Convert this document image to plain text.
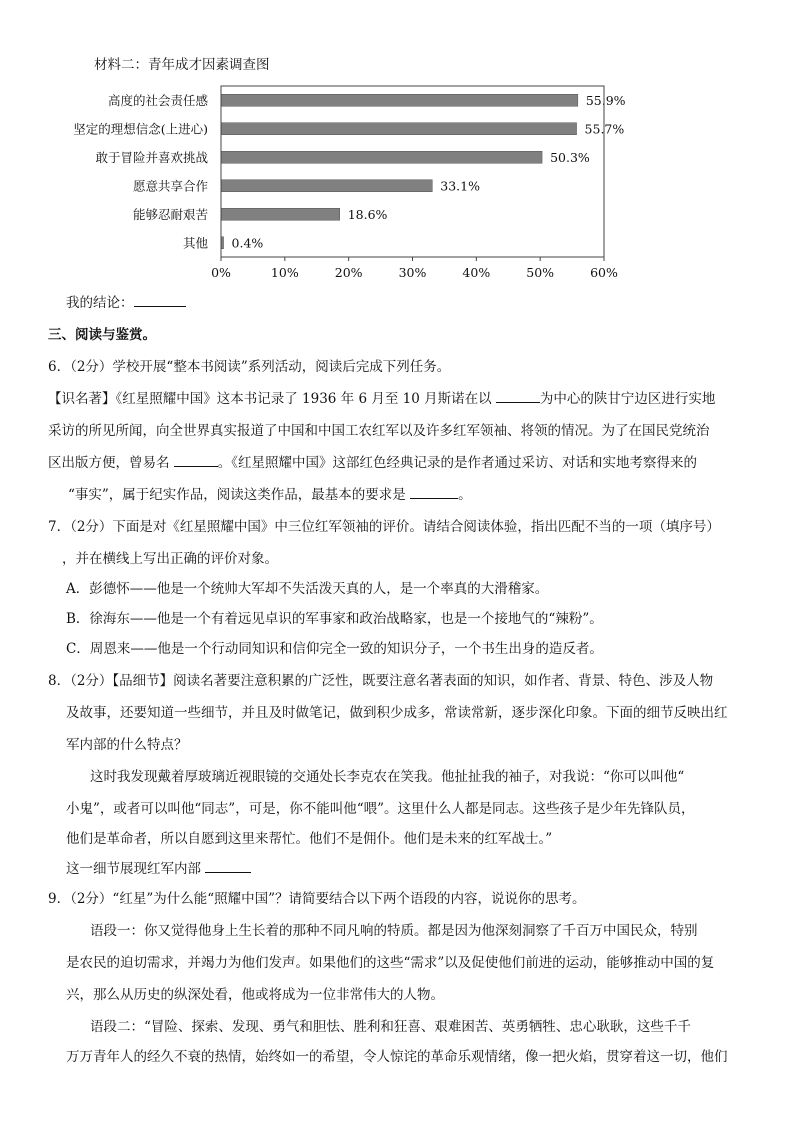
材料二：青年成才因素调查图
高度的社会责任感
坚定的理想信念(上进心)
敢于冒险并喜欢挑战
愿意共享合作
能够忍耐艰苦
其他
55.9%
55.7%
50.3%
33.1%
18.6%
0.4%
0%	10%	20%	30%	40%	50%	60%
我的结论：
三、阅读与鉴赏。
6．（2分）学校开展“整本书阅读”系列活动，阅读后完成下列任务。
【识名著】《红星照耀中国》这本书记录了 1936 年 6 月至 10 月斯诺在以	为中心的陕甘宁边区进行实地
采访的所见所闻，向全世界真实报道了中国和中国工农红军以及许多红军领袖、将领的情况。为了在国民党统治
区出版方便，曾易名	。《红星照耀中国》这部红色经典记录的是作者通过采访、对话和实地考察得来的
“事实”，属于纪实作品，阅读这类作品，最基本的要求是	。
7．（2分）下面是对《红星照耀中国》中三位红军领袖的评价。请结合阅读体验，指出匹配不当的一项（填序号）
，并在横线上写出正确的评价对象。
A．彭德怀——他是一个统帅大军却不失活泼天真的人，是一个率真的大滑稽家。
B．徐海东——他是一个有着远见卓识的军事家和政治战略家，也是一个接地气的“辣粉”。
C．周恩来——他是一个行动同知识和信仰完全一致的知识分子，一个书生出身的造反者。
8．（2分）【品细节】阅读名著要注意积累的广泛性，既要注意名著表面的知识，如作者、背景、特色、涉及人物
及故事，还要知道一些细节，并且及时做笔记，做到积少成多，常读常新，逐步深化印象。下面的细节反映出红
军内部的什么特点？
这时我发现戴着厚玻璃近视眼镜的交通处长李克农在笑我。他扯扯我的袖子，对我说：“你可以叫他“
小鬼”，或者可以叫他“同志”，可是，你不能叫他“喂”。这里什么人都是同志。这些孩子是少年先锋队员，
他们是革命者，所以自愿到这里来帮忙。他们不是佣仆。他们是未来的红军战士。”
这一细节展现红军内部
9．（2分）“红星”为什么能“照耀中国”？请简要结合以下两个语段的内容，说说你的思考。
语段一：你又觉得他身上生长着的那种不同凡响的特质。都是因为他深刻洞察了千百万中国民众，特别
是农民的迫切需求，并竭力为他们发声。如果他们的这些“需求”以及促使他们前进的运动，能够推动中国的复
兴，那么从历史的纵深处看，他或将成为一位非常伟大的人物。
语段二：“冒险、探索、发现、勇气和胆怯、胜利和狂喜、艰难困苦、英勇牺牲、忠心耿耿，这些千千
万万青年人的经久不衰的热情，始终如一的希望，令人惊诧的革命乐观情绪，像一把火焰，贯穿着这一切，他们
